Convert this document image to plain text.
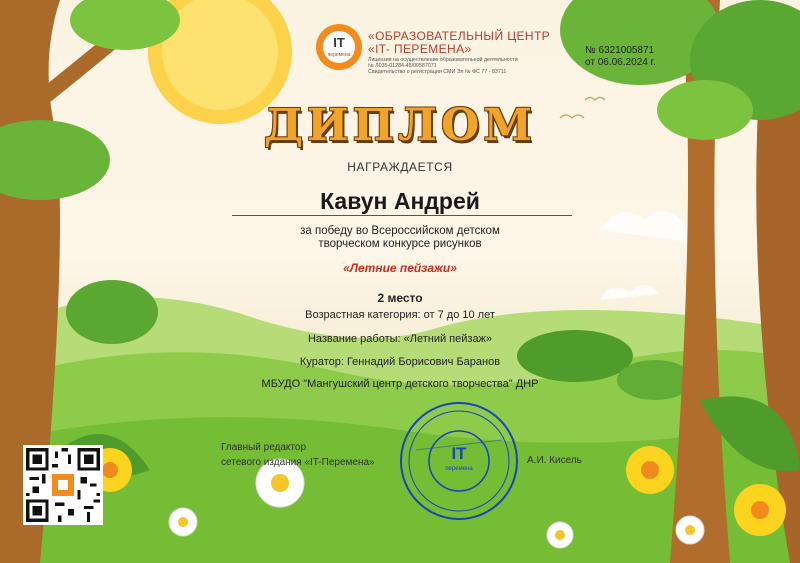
IT
перемена
«ОБРАЗОВАТЕЛЬНЫЙ ЦЕНТР
«IT- ПЕРЕМЕНА»
Лицензия на осуществление образовательной деятельности
№ Л035-01284-45/00587071
Свидетельство о регистрации СМИ Эл № ФС 77 - 83711
№ 6321005871
от 06.06.2024 г.
ДИПЛОМ
НАГРАЖДАЕТСЯ
Кавун Андрей
за победу во Всероссийском детском
творческом конкурсе рисунков
«Летние пейзажи»
2 место
Возрастная категория: от 7 до 10 лет
Название работы: «Летний пейзаж»
Куратор: Геннадий Борисович Баранов
МБУДО "Мангушский центр детского творчества" ДНР
Главный редактор
сетевого издания «IT-Перемена»	А.И. Кисель
IT
перемена
